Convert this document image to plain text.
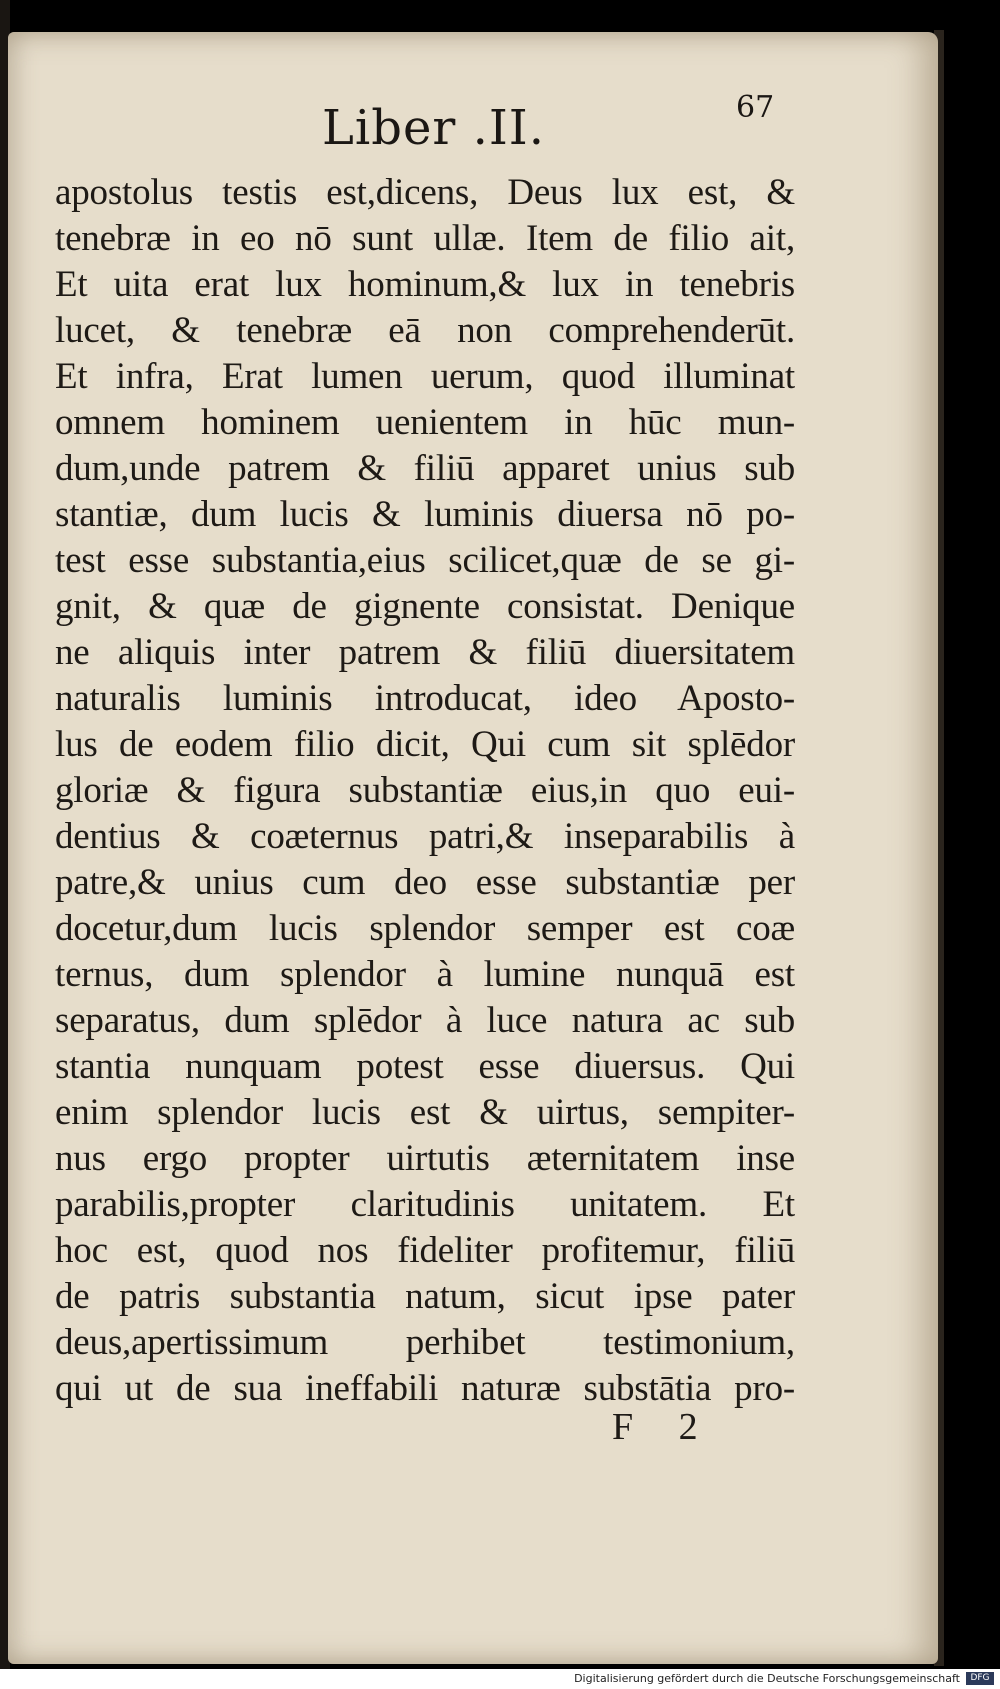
Liber .II.	67
apostolus testis est,dicens, Deus lux est, &
tenebræ in eo nō sunt ullæ. Item de filio ait,
Et uita erat lux hominum,& lux in tenebris
lucet, & tenebræ eā non comprehenderūt.
Et infra, Erat lumen uerum, quod illuminat
omnem hominem uenientem in hūc mun-
dum,unde patrem & filiū apparet unius sub
stantiæ, dum lucis & luminis diuersa nō po-
test esse substantia,eius scilicet,quæ de se gi-
gnit, & quæ de gignente consistat. Denique
ne aliquis inter patrem & filiū diuersitatem
naturalis luminis introducat, ideo Aposto-
lus de eodem filio dicit, Qui cum sit splēdor
gloriæ & figura substantiæ eius,in quo eui-
dentius & coæternus patri,& inseparabilis à
patre,& unius cum deo esse substantiæ per
docetur,dum lucis splendor semper est coæ
ternus, dum splendor à lumine nunquā est
separatus, dum splēdor à luce natura ac sub
stantia nunquam potest esse diuersus. Qui
enim splendor lucis est & uirtus, sempiter-
nus ergo propter uirtutis æternitatem inse
parabilis,propter claritudinis unitatem. Et
hoc est, quod nos fideliter profitemur, filiū
de patris substantia natum, sicut ipse pater
deus,apertissimum perhibet testimonium,
qui ut de sua ineffabili naturæ substātia pro-
F 2
Digitalisierung gefördert durch die Deutsche Forschungsgemeinschaft	DFG
